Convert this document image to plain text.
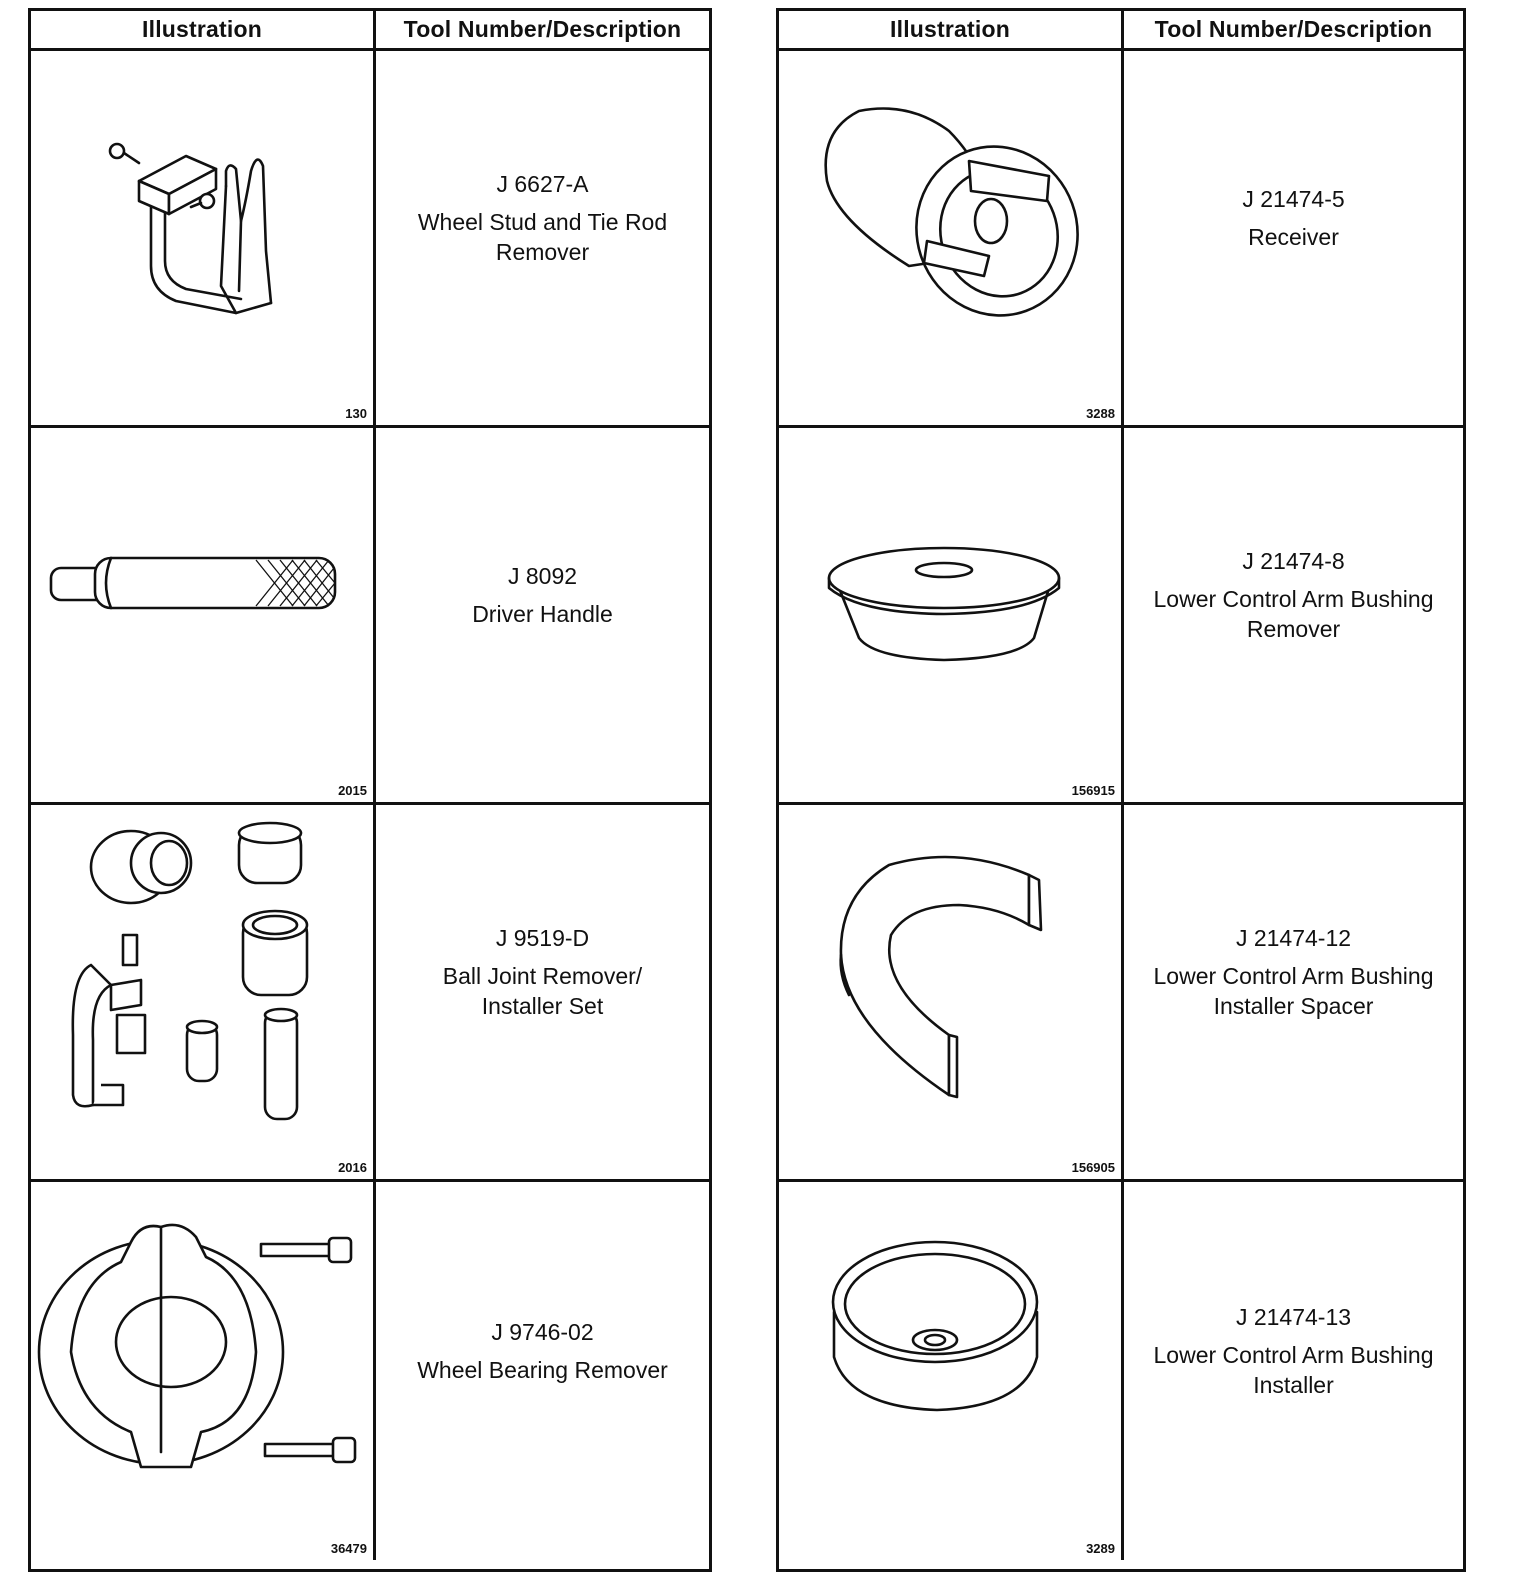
Illustration	Tool Number/Description
130
J 6627-A
Wheel Stud and Tie Rod
Remover
2015
J 8092
Driver Handle
2016
J 9519-D
Ball Joint Remover/
Installer Set
36479
J 9746-02
Wheel Bearing Remover
Illustration	Tool Number/Description
3288
J 21474-5
Receiver
156915
J 21474-8
Lower Control Arm Bushing
Remover
156905
J 21474-12
Lower Control Arm Bushing
Installer Spacer
3289
J 21474-13
Lower Control Arm Bushing
Installer
